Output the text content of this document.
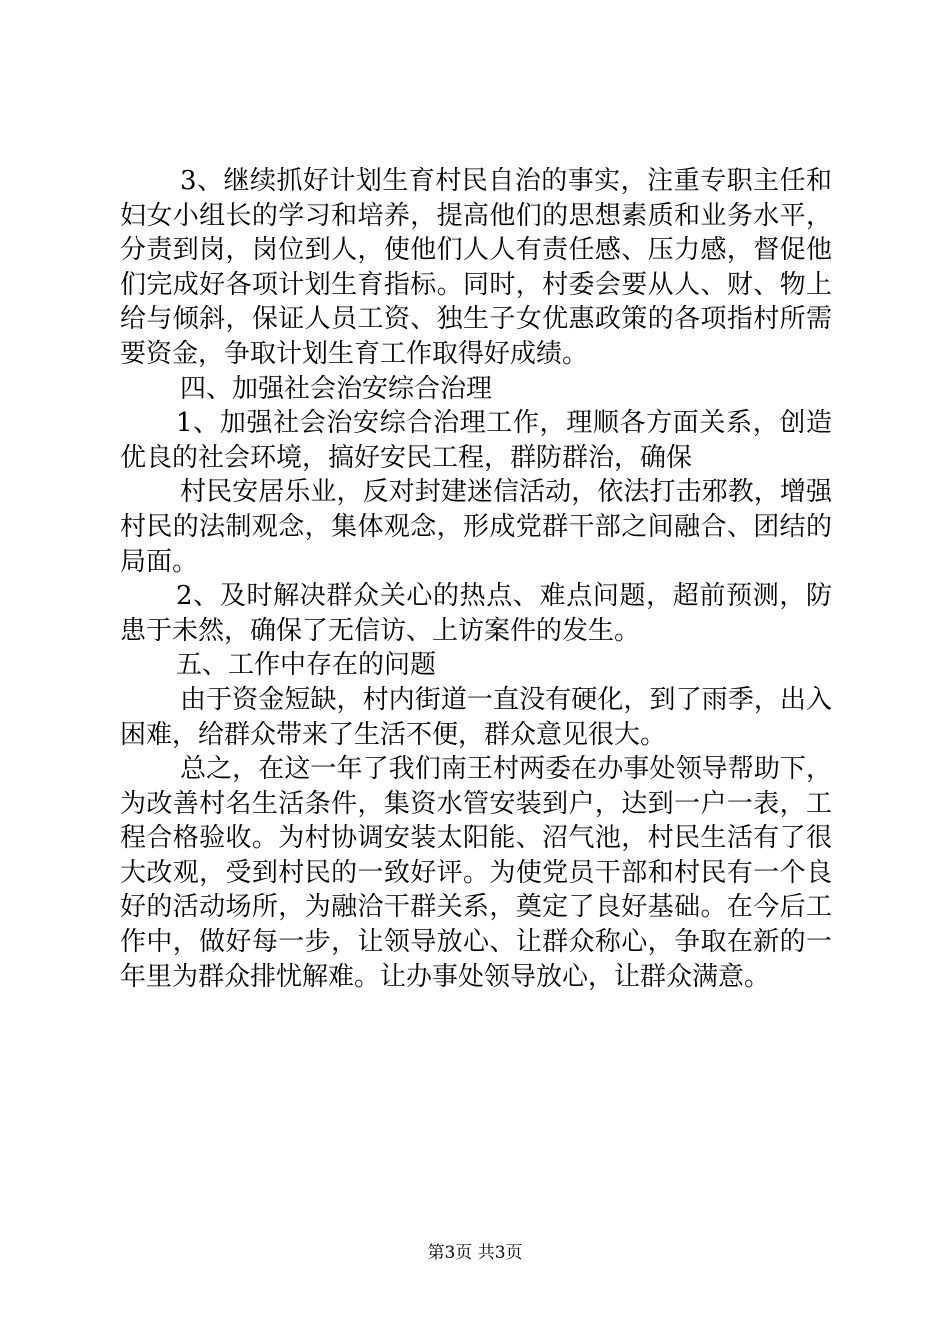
3、继续抓好计划生育村民自治的事实，注重专职主任和妇女小组长的学习和培养，提高他们的思想素质和业务水平，分责到岗，岗位到人，使他们人人有责任感、压力感，督促他们完成好各项计划生育指标。同时，村委会要从人、财、物上给与倾斜，保证人员工资、独生子女优惠政策的各项指村所需要资金，争取计划生育工作取得好成绩。

四、加强社会治安综合治理

1、加强社会治安综合治理工作，理顺各方面关系，创造优良的社会环境，搞好安民工程，群防群治，确保

村民安居乐业，反对封建迷信活动，依法打击邪教，增强村民的法制观念，集体观念，形成党群干部之间融合、团结的局面。

2、及时解决群众关心的热点、难点问题，超前预测，防患于未然，确保了无信访、上访案件的发生。

五、工作中存在的问题

由于资金短缺，村内街道一直没有硬化，到了雨季，出入困难，给群众带来了生活不便，群众意见很大。

总之，在这一年了我们南王村两委在办事处领导帮助下，为改善村名生活条件，集资水管安装到户，达到一户一表，工程合格验收。为村协调安装太阳能、沼气池，村民生活有了很大改观，受到村民的一致好评。为使党员干部和村民有一个良好的活动场所，为融洽干群关系，奠定了良好基础。在今后工作中，做好每一步，让领导放心、让群众称心，争取在新的一年里为群众排忧解难。让办事处领导放心，让群众满意。

第3页 共3页
